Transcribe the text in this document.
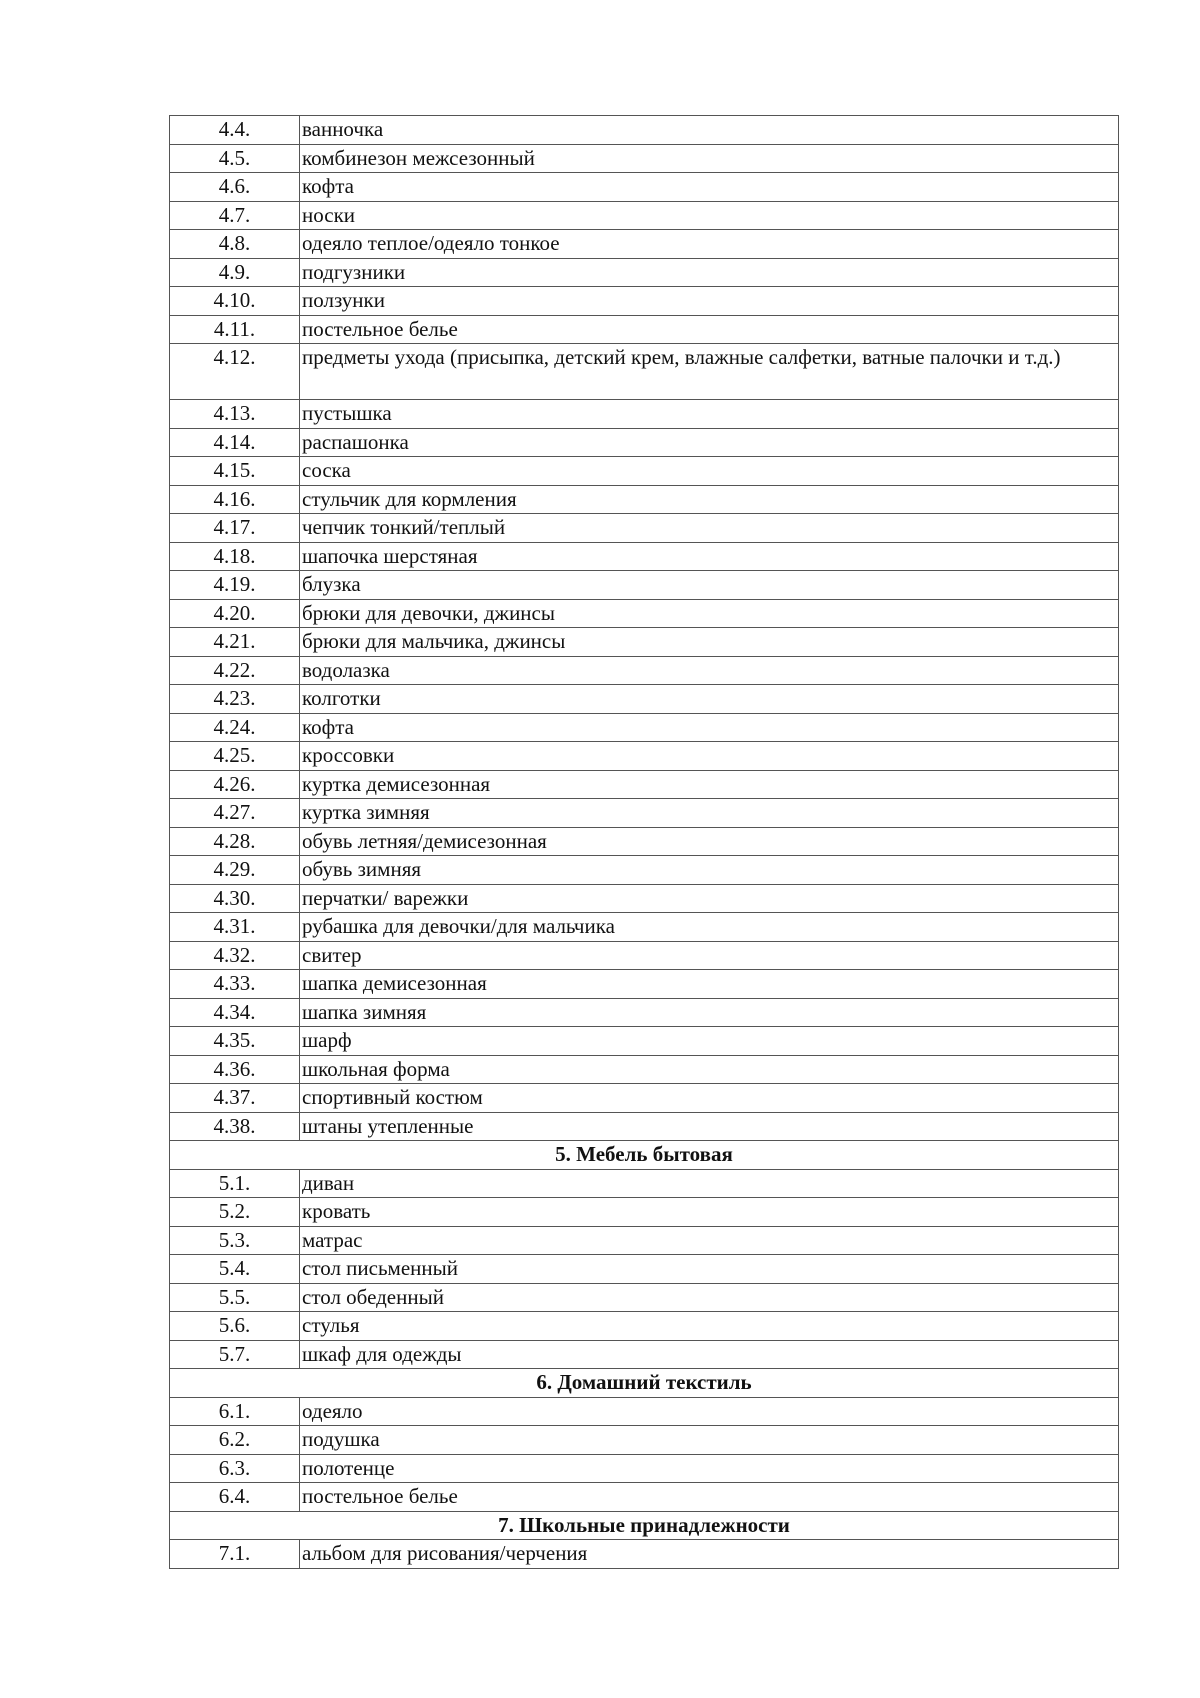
4.4.	ванночка
4.5.	комбинезон межсезонный
4.6.	кофта
4.7.	носки
4.8.	одеяло теплое/одеяло тонкое
4.9.	подгузники
4.10.	ползунки
4.11.	постельное белье
4.12.	предметы ухода (присыпка, детский крем, влажные салфетки, ватные палочки и т.д.)
4.13.	пустышка
4.14.	распашонка
4.15.	соска
4.16.	стульчик для кормления
4.17.	чепчик тонкий/теплый
4.18.	шапочка шерстяная
4.19.	блузка
4.20.	брюки для девочки, джинсы
4.21.	брюки для мальчика, джинсы
4.22.	водолазка
4.23.	колготки
4.24.	кофта
4.25.	кроссовки
4.26.	куртка демисезонная
4.27.	куртка зимняя
4.28.	обувь летняя/демисезонная
4.29.	обувь зимняя
4.30.	перчатки/ варежки
4.31.	рубашка для девочки/для мальчика
4.32.	свитер
4.33.	шапка демисезонная
4.34.	шапка зимняя
4.35.	шарф
4.36.	школьная форма
4.37.	спортивный костюм
4.38.	штаны утепленные
5. Мебель бытовая	
5.1.	диван
5.2.	кровать
5.3.	матрас
5.4.	стол письменный
5.5.	стол обеденный
5.6.	стулья
5.7.	шкаф для одежды
6. Домашний текстиль	
6.1.	одеяло
6.2.	подушка
6.3.	полотенце
6.4.	постельное белье
7. Школьные принадлежности	
7.1.	альбом для рисования/черчения
